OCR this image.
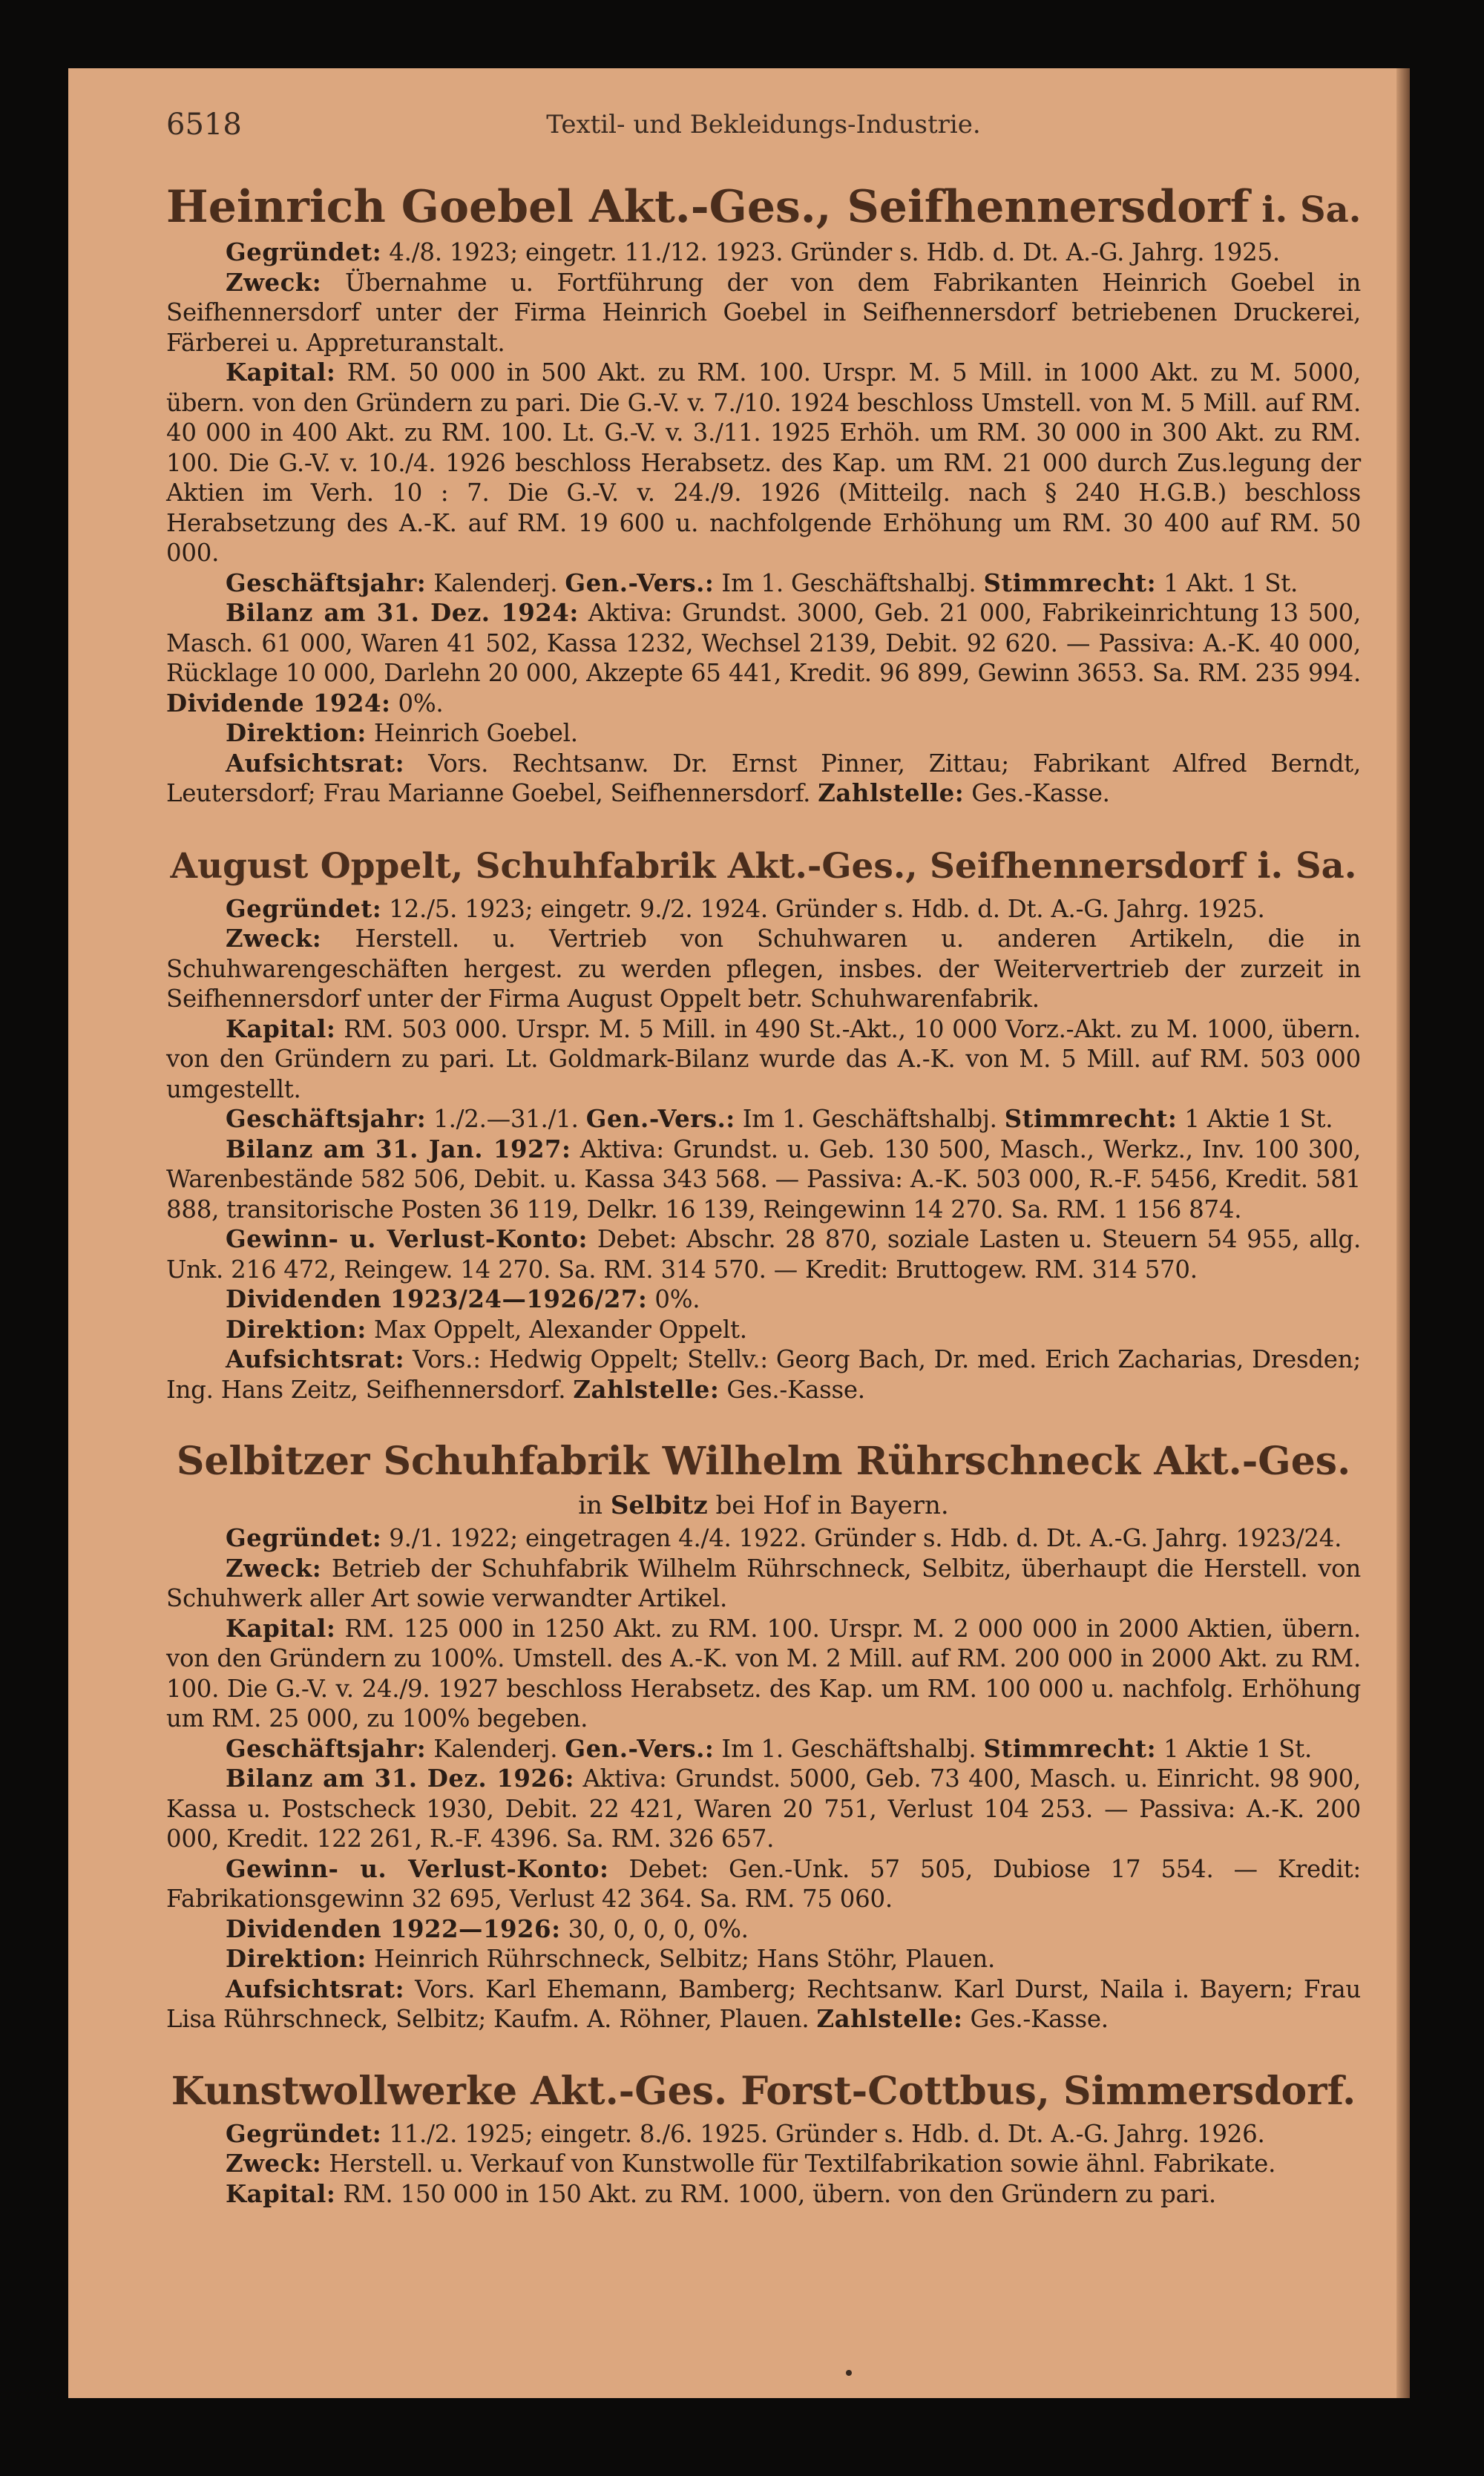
6518	Textil- und Bekleidungs-Industrie.
Heinrich Goebel Akt.-Ges., Seifhennersdorf i. Sa.

Gegründet: 4./8. 1923; eingetr. 11./12. 1923. Gründer s. Hdb. d. Dt. A.-G. Jahrg. 1925.

Zweck: Übernahme u. Fortführung der von dem Fabrikanten Heinrich Goebel in Seifhennersdorf unter der Firma Heinrich Goebel in Seifhennersdorf betriebenen Druckerei, Färberei u. Appreturanstalt.

Kapital: RM. 50 000 in 500 Akt. zu RM. 100. Urspr. M. 5 Mill. in 1000 Akt. zu M. 5000, übern. von den Gründern zu pari. Die G.-V. v. 7./10. 1924 beschloss Umstell. von M. 5 Mill. auf RM. 40 000 in 400 Akt. zu RM. 100. Lt. G.-V. v. 3./11. 1925 Erhöh. um RM. 30 000 in 300 Akt. zu RM. 100. Die G.-V. v. 10./4. 1926 beschloss Herabsetz. des Kap. um RM. 21 000 durch Zus.legung der Aktien im Verh. 10 : 7. Die G.-V. v. 24./9. 1926 (Mitteilg. nach § 240 H.G.B.) beschloss Herabsetzung des A.-K. auf RM. 19 600 u. nachfolgende Erhöhung um RM. 30 400 auf RM. 50 000.

Geschäftsjahr: Kalenderj. Gen.-Vers.: Im 1. Geschäftshalbj. Stimmrecht: 1 Akt. 1 St.

Bilanz am 31. Dez. 1924: Aktiva: Grundst. 3000, Geb. 21 000, Fabrikeinrichtung 13 500, Masch. 61 000, Waren 41 502, Kassa 1232, Wechsel 2139, Debit. 92 620. — Passiva: A.-K. 40 000, Rücklage 10 000, Darlehn 20 000, Akzepte 65 441, Kredit. 96 899, Gewinn 3653. Sa. RM. 235 994. Dividende 1924: 0%.

Direktion: Heinrich Goebel.

Aufsichtsrat: Vors. Rechtsanw. Dr. Ernst Pinner, Zittau; Fabrikant Alfred Berndt, Leutersdorf; Frau Marianne Goebel, Seifhennersdorf. Zahlstelle: Ges.-Kasse.

August Oppelt, Schuhfabrik Akt.-Ges., Seifhennersdorf i. Sa.

Gegründet: 12./5. 1923; eingetr. 9./2. 1924. Gründer s. Hdb. d. Dt. A.-G. Jahrg. 1925.

Zweck: Herstell. u. Vertrieb von Schuhwaren u. anderen Artikeln, die in Schuhwarengeschäften hergest. zu werden pflegen, insbes. der Weitervertrieb der zurzeit in Seifhennersdorf unter der Firma August Oppelt betr. Schuhwarenfabrik.

Kapital: RM. 503 000. Urspr. M. 5 Mill. in 490 St.-Akt., 10 000 Vorz.-Akt. zu M. 1000, übern. von den Gründern zu pari. Lt. Goldmark-Bilanz wurde das A.-K. von M. 5 Mill. auf RM. 503 000 umgestellt.

Geschäftsjahr: 1./2.—31./1. Gen.-Vers.: Im 1. Geschäftshalbj. Stimmrecht: 1 Aktie 1 St.

Bilanz am 31. Jan. 1927: Aktiva: Grundst. u. Geb. 130 500, Masch., Werkz., Inv. 100 300, Warenbestände 582 506, Debit. u. Kassa 343 568. — Passiva: A.-K. 503 000, R.-F. 5456, Kredit. 581 888, transitorische Posten 36 119, Delkr. 16 139, Reingewinn 14 270. Sa. RM. 1 156 874.

Gewinn- u. Verlust-Konto: Debet: Abschr. 28 870, soziale Lasten u. Steuern 54 955, allg. Unk. 216 472, Reingew. 14 270. Sa. RM. 314 570. — Kredit: Bruttogew. RM. 314 570.

Dividenden 1923/24—1926/27: 0%.

Direktion: Max Oppelt, Alexander Oppelt.

Aufsichtsrat: Vors.: Hedwig Oppelt; Stellv.: Georg Bach, Dr. med. Erich Zacharias, Dresden; Ing. Hans Zeitz, Seifhennersdorf. Zahlstelle: Ges.-Kasse.

Selbitzer Schuhfabrik Wilhelm Rührschneck Akt.-Ges.
in Selbitz bei Hof in Bayern.

Gegründet: 9./1. 1922; eingetragen 4./4. 1922. Gründer s. Hdb. d. Dt. A.-G. Jahrg. 1923/24.

Zweck: Betrieb der Schuhfabrik Wilhelm Rührschneck, Selbitz, überhaupt die Herstell. von Schuhwerk aller Art sowie verwandter Artikel.

Kapital: RM. 125 000 in 1250 Akt. zu RM. 100. Urspr. M. 2 000 000 in 2000 Aktien, übern. von den Gründern zu 100%. Umstell. des A.-K. von M. 2 Mill. auf RM. 200 000 in 2000 Akt. zu RM. 100. Die G.-V. v. 24./9. 1927 beschloss Herabsetz. des Kap. um RM. 100 000 u. nachfolg. Erhöhung um RM. 25 000, zu 100% begeben.

Geschäftsjahr: Kalenderj. Gen.-Vers.: Im 1. Geschäftshalbj. Stimmrecht: 1 Aktie 1 St.

Bilanz am 31. Dez. 1926: Aktiva: Grundst. 5000, Geb. 73 400, Masch. u. Einricht. 98 900, Kassa u. Postscheck 1930, Debit. 22 421, Waren 20 751, Verlust 104 253. — Passiva: A.-K. 200 000, Kredit. 122 261, R.-F. 4396. Sa. RM. 326 657.

Gewinn- u. Verlust-Konto: Debet: Gen.-Unk. 57 505, Dubiose 17 554. — Kredit: Fabrikationsgewinn 32 695, Verlust 42 364. Sa. RM. 75 060.

Dividenden 1922—1926: 30, 0, 0, 0, 0%.

Direktion: Heinrich Rührschneck, Selbitz; Hans Stöhr, Plauen.

Aufsichtsrat: Vors. Karl Ehemann, Bamberg; Rechtsanw. Karl Durst, Naila i. Bayern; Frau Lisa Rührschneck, Selbitz; Kaufm. A. Röhner, Plauen. Zahlstelle: Ges.-Kasse.

Kunstwollwerke Akt.-Ges. Forst-Cottbus, Simmersdorf.

Gegründet: 11./2. 1925; eingetr. 8./6. 1925. Gründer s. Hdb. d. Dt. A.-G. Jahrg. 1926.

Zweck: Herstell. u. Verkauf von Kunstwolle für Textilfabrikation sowie ähnl. Fabrikate.

Kapital: RM. 150 000 in 150 Akt. zu RM. 1000, übern. von den Gründern zu pari.
